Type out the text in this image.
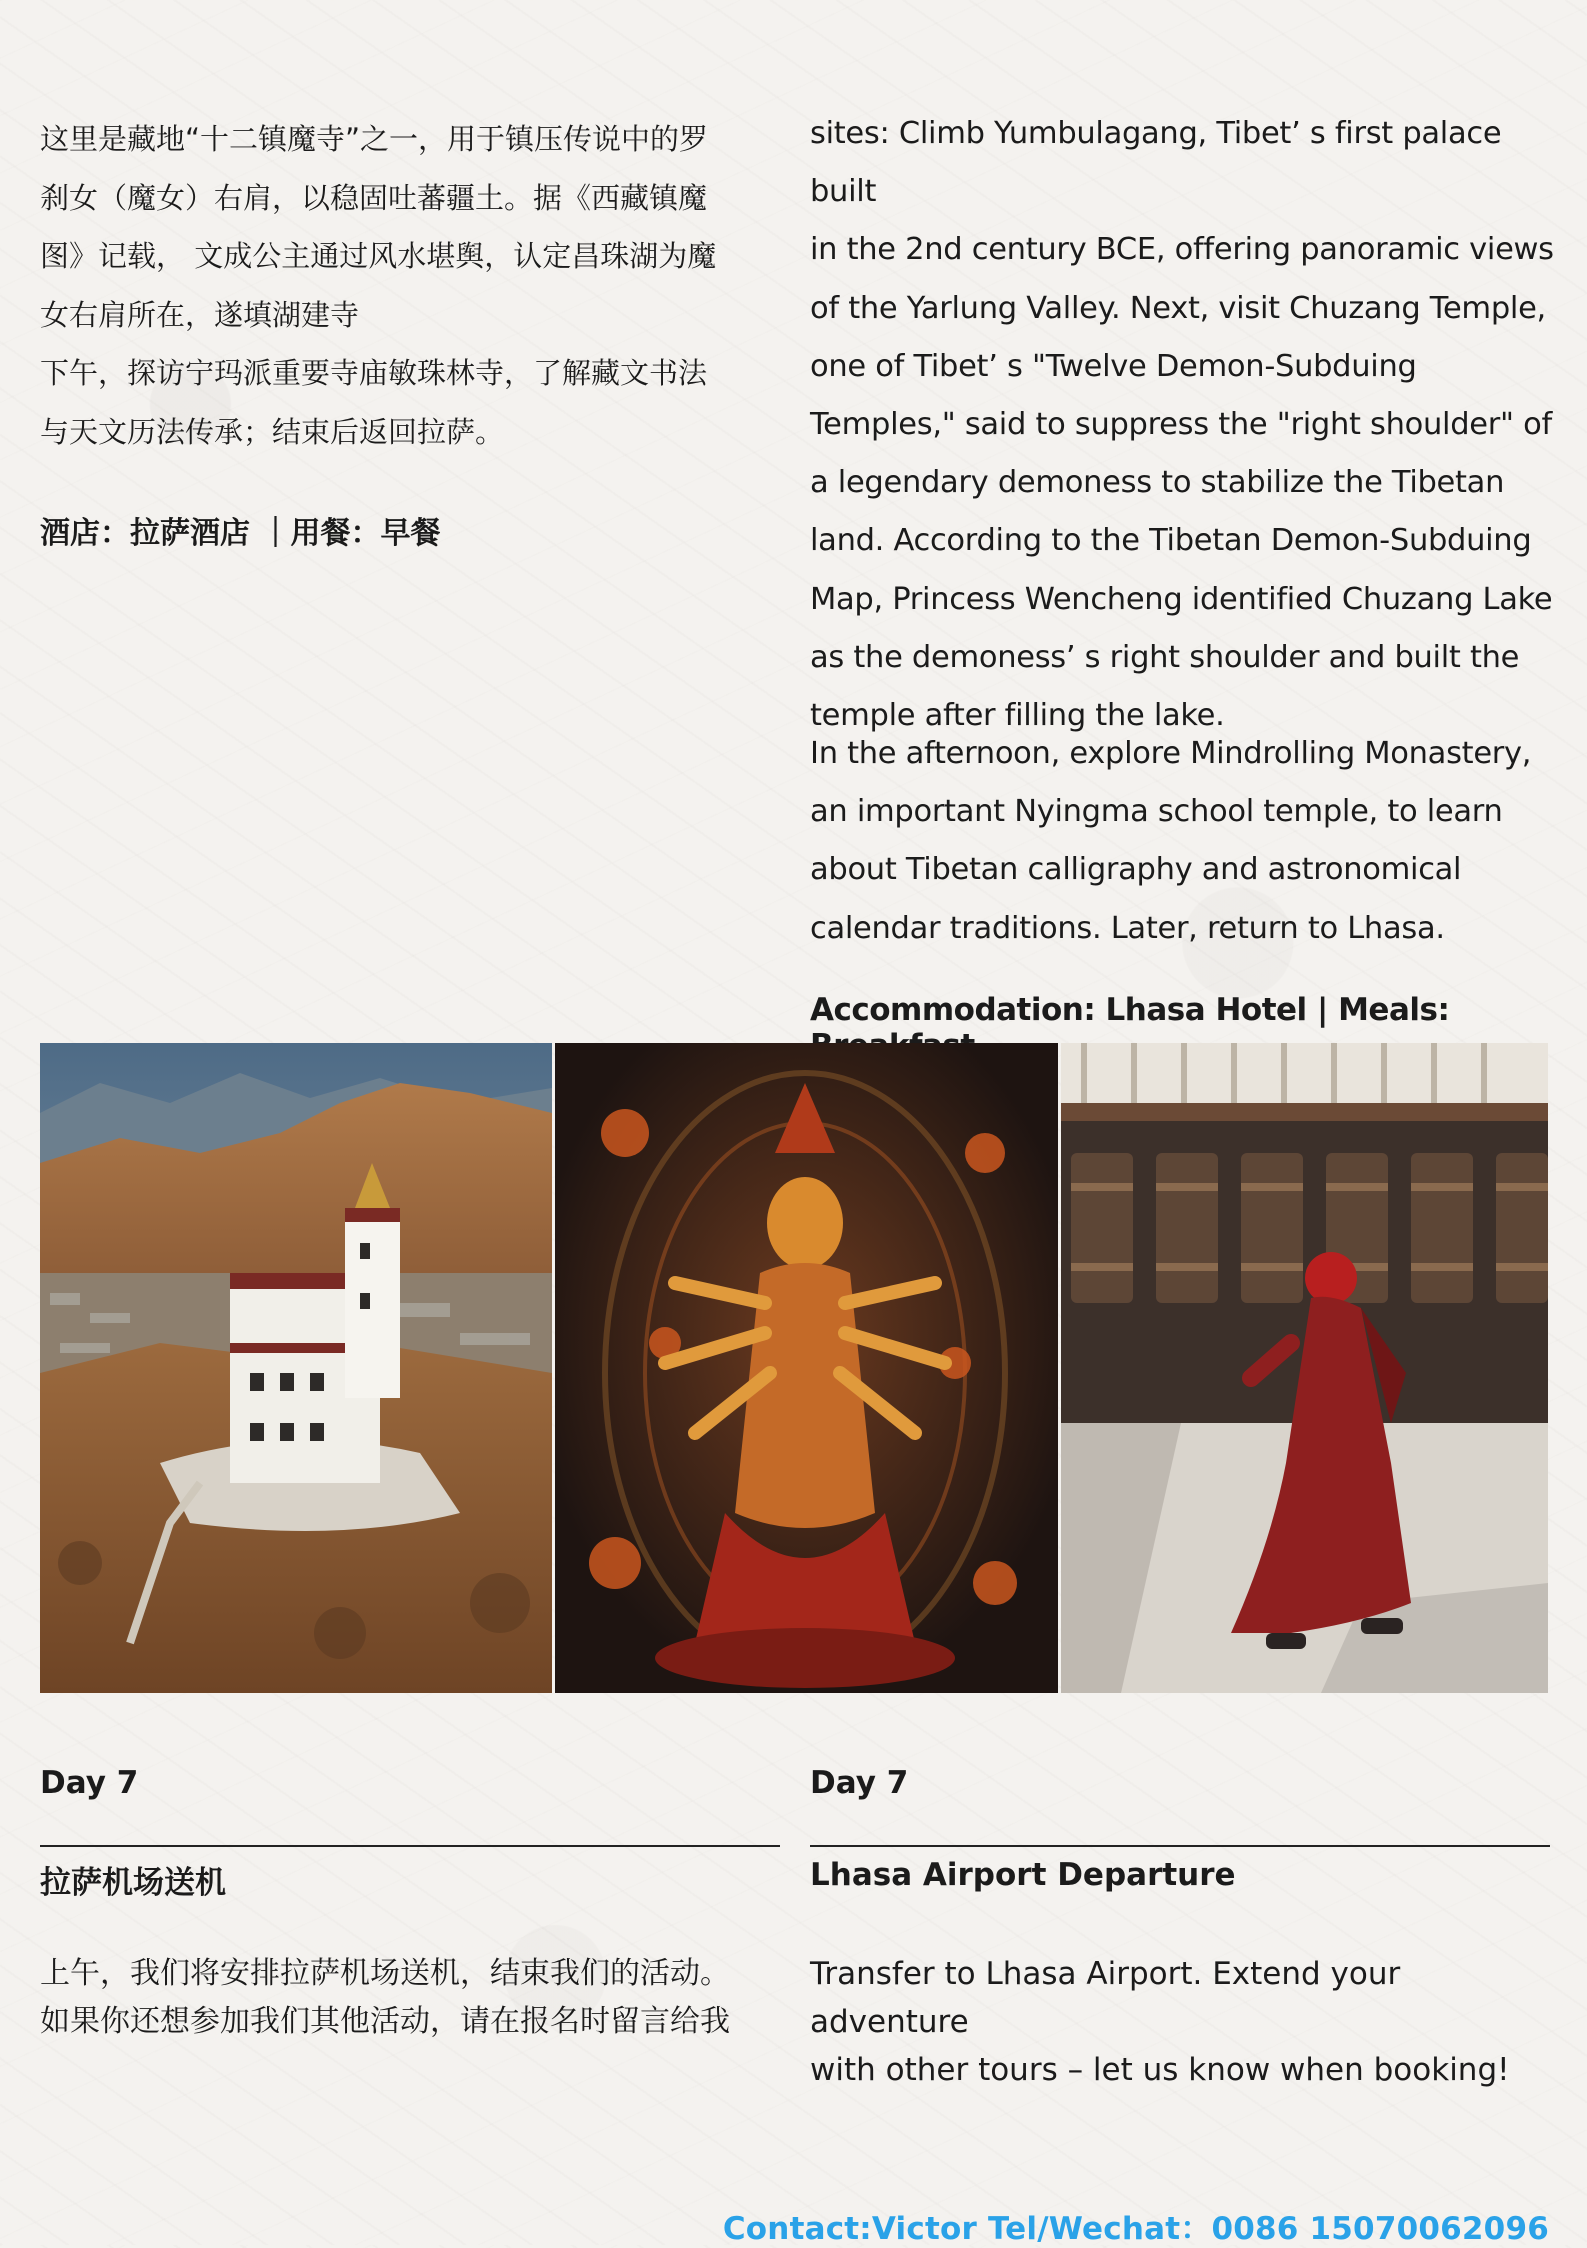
这里是藏地“十二镇魔寺”之一，用于镇压传说中的罗

刹女（魔女）右肩，以稳固吐蕃疆土。据《西藏镇魔

图》记载， 文成公主通过风水堪舆，认定昌珠湖为魔

女右肩所在，遂填湖建寺

下午，探访宁玛派重要寺庙敏珠林寺，了解藏文书法

与天文历法传承；结束后返回拉萨。

酒店：拉萨酒店 ｜用餐：早餐

sites: Climb Yumbulagang, Tibet’ s first palace built

in the 2nd century BCE, offering panoramic views

of the Yarlung Valley. Next, visit Chuzang Temple,

one of Tibet’ s "Twelve Demon-Subduing

Temples," said to suppress the "right shoulder" of

a legendary demoness to stabilize the Tibetan

land. According to the Tibetan Demon-Subduing

Map, Princess Wencheng identified Chuzang Lake

as the demoness’ s right shoulder and built the

temple after filling the lake.

In the afternoon, explore Mindrolling Monastery,

an important Nyingma school temple, to learn

about Tibetan calligraphy and astronomical

calendar traditions. Later, return to Lhasa.

Accommodation: Lhasa Hotel | Meals:
Day 7	Day 7
拉萨机场送机	Lhasa Airport Departure
上午，我们将安排拉萨机场送机，结束我们的活动。
如果你还想参加我们其他活动，请在报名时留言给我
Transfer to Lhasa Airport. Extend your adventure
with other tours – let us know when booking!
Contact:Victor Tel/Wechat：0086 15070062096
